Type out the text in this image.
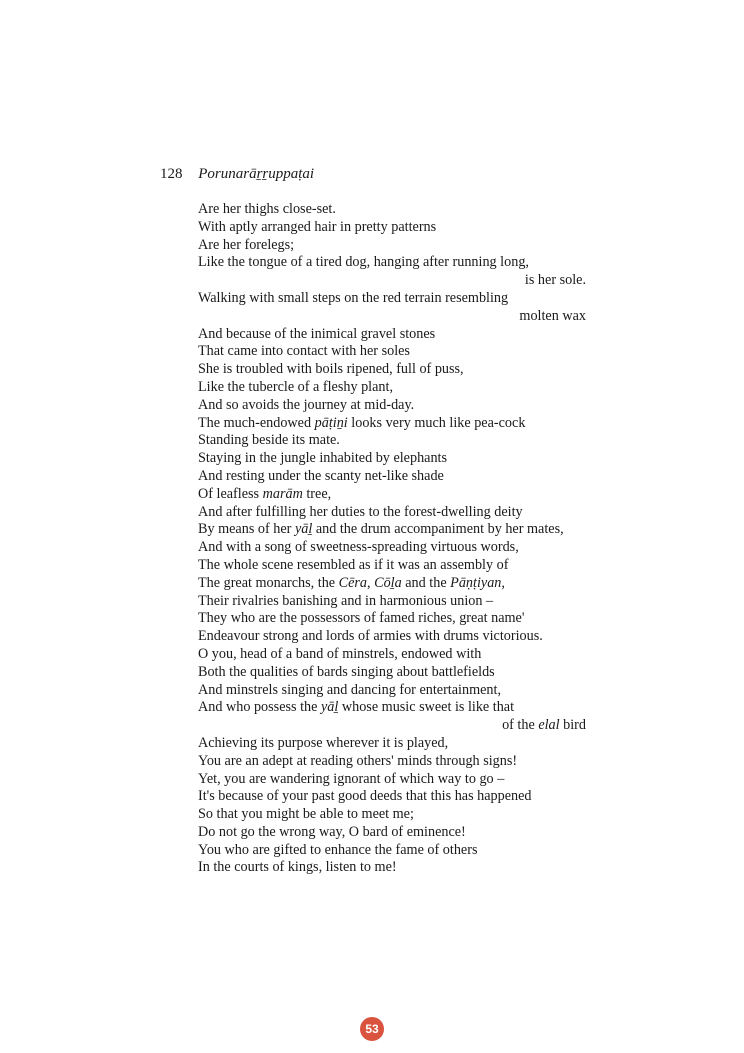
128 Porunarāṟṟuppaṭai
Are her thighs close-set.
With aptly arranged hair in pretty patterns
Are her forelegs;
Like the tongue of a tired dog, hanging after running long,
is her sole.
Walking with small steps on the red terrain resembling
molten wax
And because of the inimical gravel stones
That came into contact with her soles
She is troubled with boils ripened, full of puss,
Like the tubercle of a fleshy plant,
And so avoids the journey at mid-day.
The much-endowed pāṭiṉi looks very much like pea-cock
Standing beside its mate.
Staying in the jungle inhabited by elephants
And resting under the scanty net-like shade
Of leafless marām tree,
And after fulfilling her duties to the forest-dwelling deity
By means of her yāḻ and the drum accompaniment by her mates,
And with a song of sweetness-spreading virtuous words,
The whole scene resembled as if it was an assembly of
The great monarchs, the Cēra, Cōḻa and the Pāṇṭiyan,
Their rivalries banishing and in harmonious union –
They who are the possessors of famed riches, great name'
Endeavour strong and lords of armies with drums victorious.
O you, head of a band of minstrels, endowed with
Both the qualities of bards singing about battlefields
And minstrels singing and dancing for entertainment,
And who possess the yāḻ whose music sweet is like that
of the elal bird
Achieving its purpose wherever it is played,
You are an adept at reading others' minds through signs!
Yet, you are wandering ignorant of which way to go –
It's because of your past good deeds that this has happened
So that you might be able to meet me;
Do not go the wrong way, O bard of eminence!
You who are gifted to enhance the fame of others
In the courts of kings, listen to me!
53
